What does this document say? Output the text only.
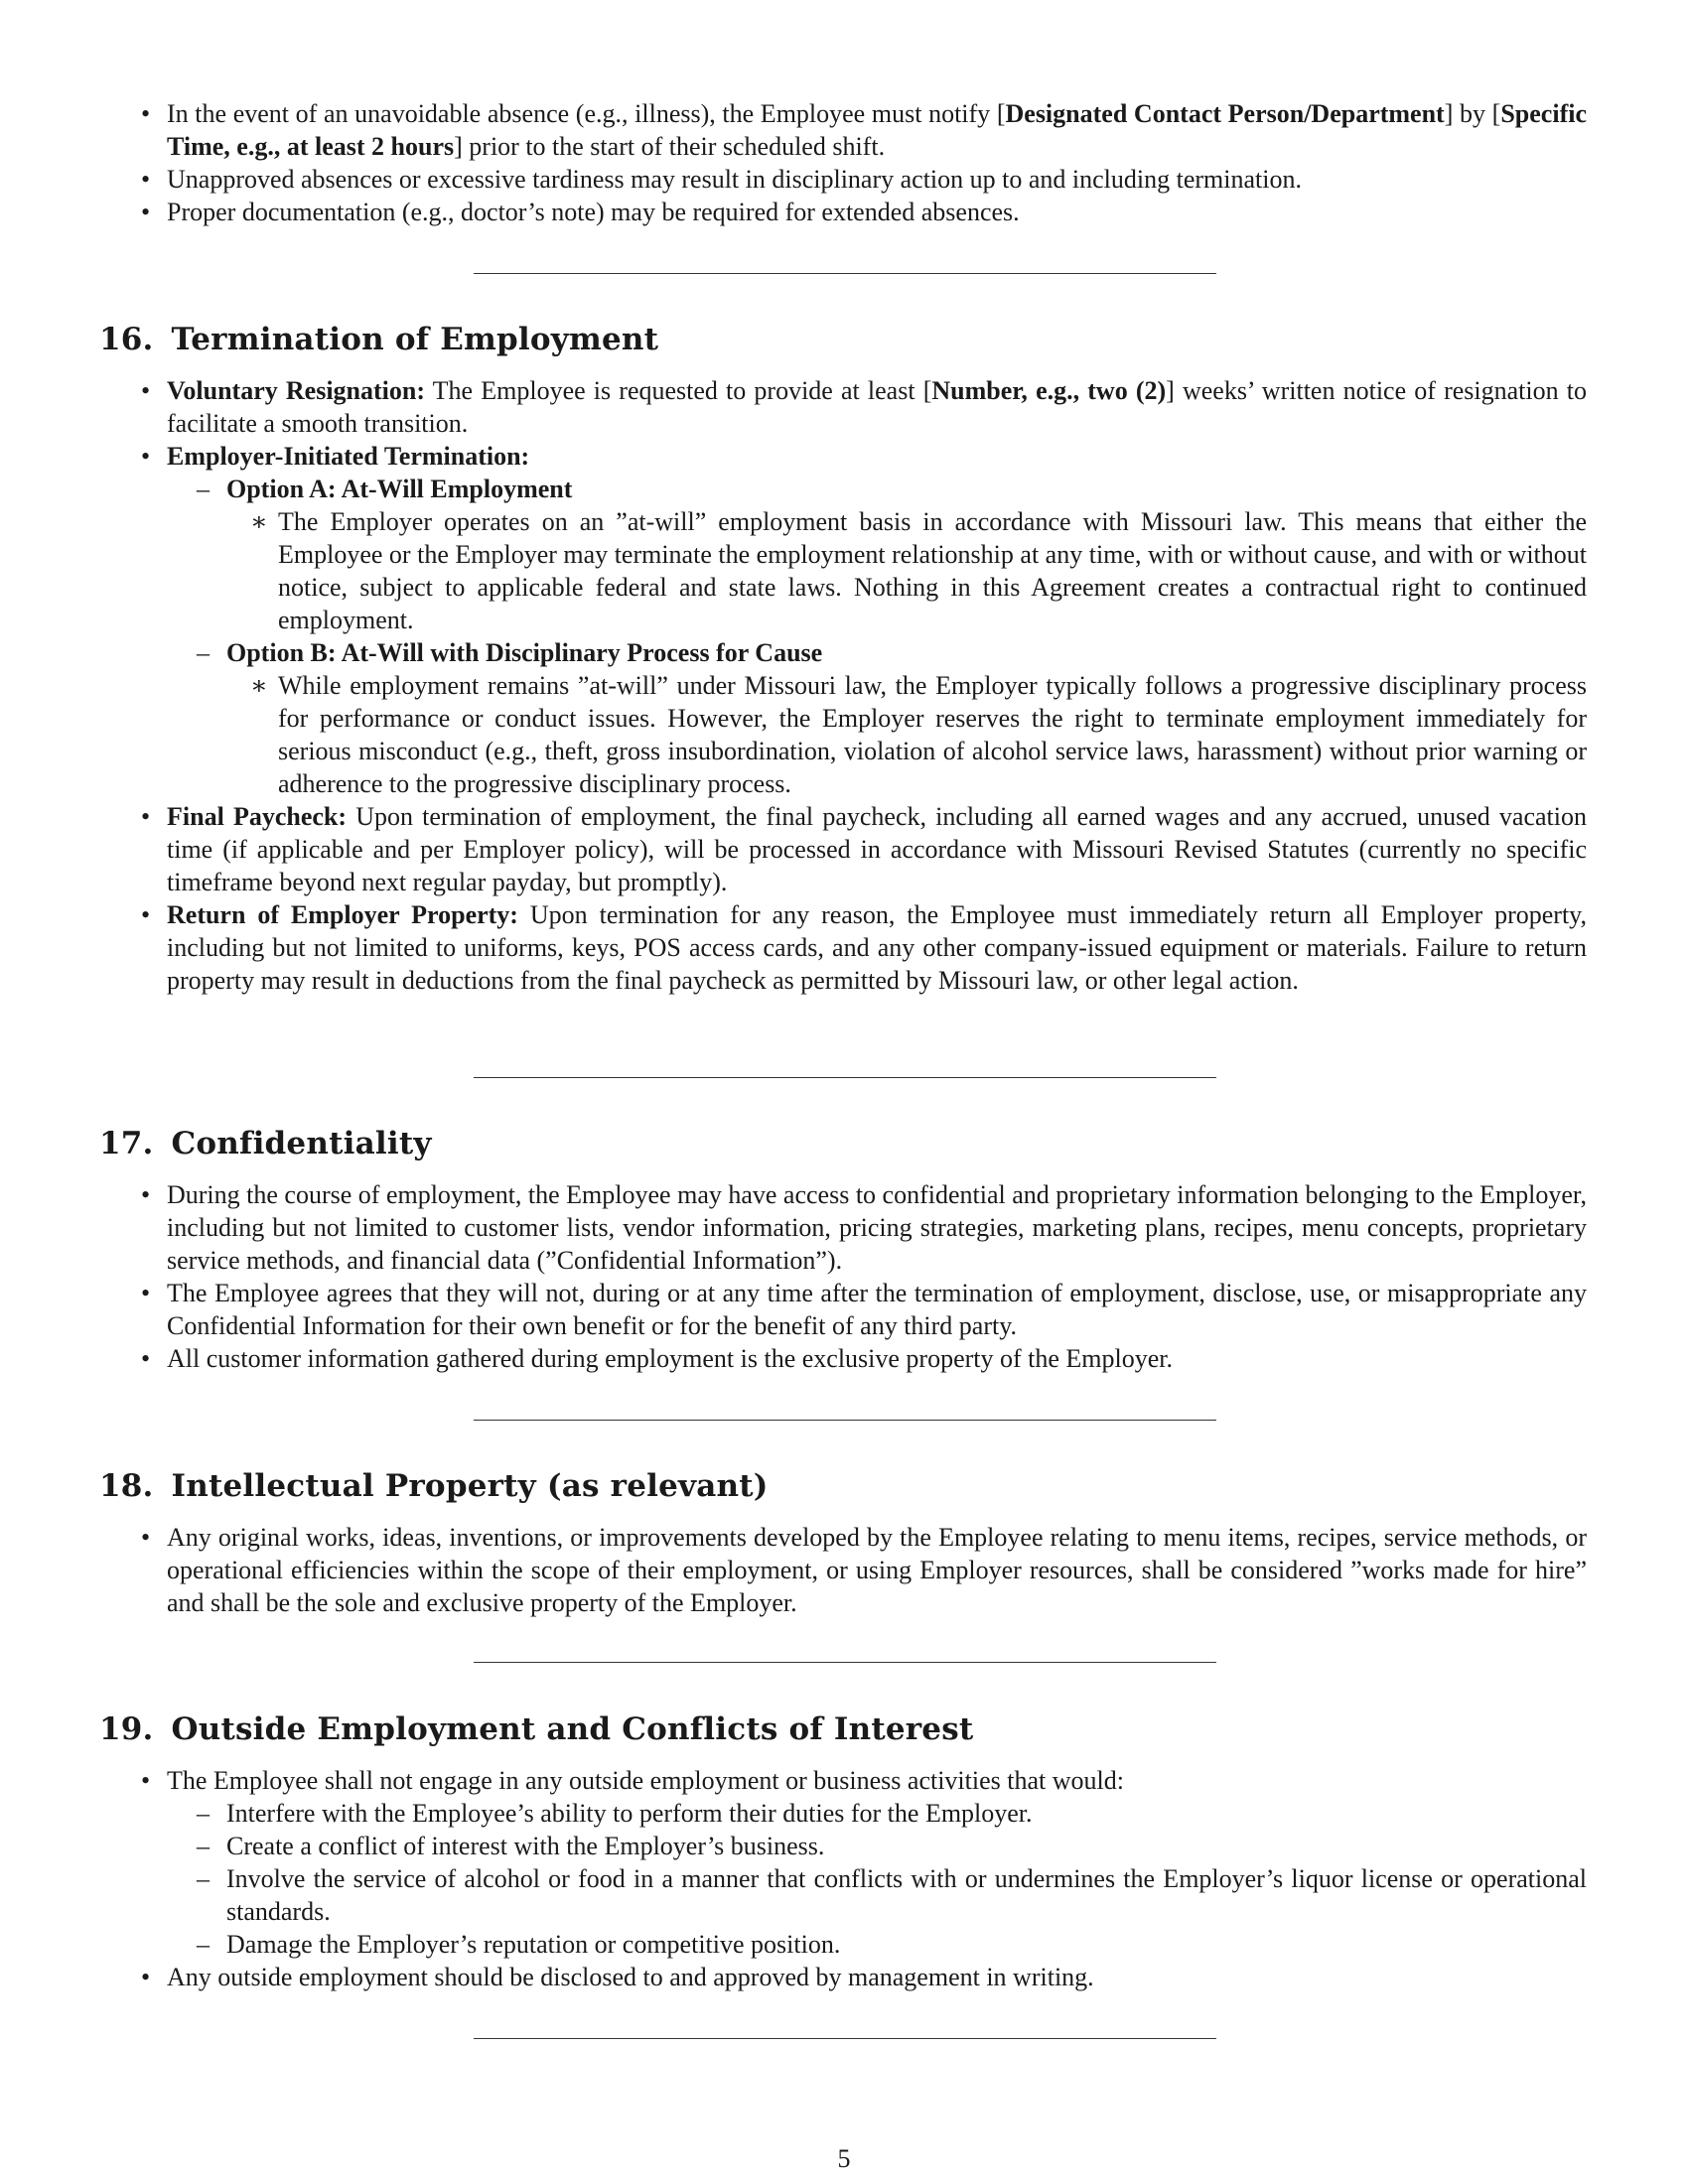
• In the event of an unavoidable absence (e.g., illness), the Employee must notify [Designated Contact Person/Department] by [Specific Time, e.g., at least 2 hours] prior to the start of their scheduled shift.
• Unapproved absences or excessive tardiness may result in disciplinary action up to and including termination.
• Proper documentation (e.g., doctor’s note) may be required for extended absences.
16. Termination of Employment
• Voluntary Resignation: The Employee is requested to provide at least [Number, e.g., two (2)] weeks’ written notice of resignation to facilitate a smooth transition.
• Employer-Initiated Termination:
– Option A: At-Will Employment
∗ The Employer operates on an ”at-will” employment basis in accordance with Missouri law. This means that either the Employee or the Employer may terminate the employment relationship at any time, with or without cause, and with or without notice, subject to applicable federal and state laws. Nothing in this Agreement creates a contractual right to continued employment.
– Option B: At-Will with Disciplinary Process for Cause
∗ While employment remains ”at-will” under Missouri law, the Employer typically follows a progressive disciplinary process for performance or conduct issues. However, the Employer reserves the right to terminate employment immediately for serious misconduct (e.g., theft, gross insubordination, violation of alcohol service laws, harassment) without prior warning or adherence to the progressive disciplinary process.
• Final Paycheck: Upon termination of employment, the final paycheck, including all earned wages and any accrued, unused vacation time (if applicable and per Employer policy), will be processed in accordance with Missouri Revised Statutes (currently no specific timeframe beyond next regular payday, but promptly).
• Return of Employer Property: Upon termination for any reason, the Employee must immediately return all Employer property, including but not limited to uniforms, keys, POS access cards, and any other company-issued equipment or materials. Failure to return property may result in deductions from the final paycheck as permitted by Missouri law, or other legal action.
17. Confidentiality
• During the course of employment, the Employee may have access to confidential and proprietary information belonging to the Employer, including but not limited to customer lists, vendor information, pricing strategies, marketing plans, recipes, menu concepts, proprietary service methods, and financial data (”Confidential Information”).
• The Employee agrees that they will not, during or at any time after the termination of employment, disclose, use, or misappropriate any Confidential Information for their own benefit or for the benefit of any third party.
• All customer information gathered during employment is the exclusive property of the Employer.
18. Intellectual Property (as relevant)
• Any original works, ideas, inventions, or improvements developed by the Employee relating to menu items, recipes, service methods, or operational efficiencies within the scope of their employment, or using Employer resources, shall be considered ”works made for hire” and shall be the sole and exclusive property of the Employer.
19. Outside Employment and Conflicts of Interest
• The Employee shall not engage in any outside employment or business activities that would:
– Interfere with the Employee’s ability to perform their duties for the Employer.
– Create a conflict of interest with the Employer’s business.
– Involve the service of alcohol or food in a manner that conflicts with or undermines the Employer’s liquor license or operational standards.
– Damage the Employer’s reputation or competitive position.
• Any outside employment should be disclosed to and approved by management in writing.
5
